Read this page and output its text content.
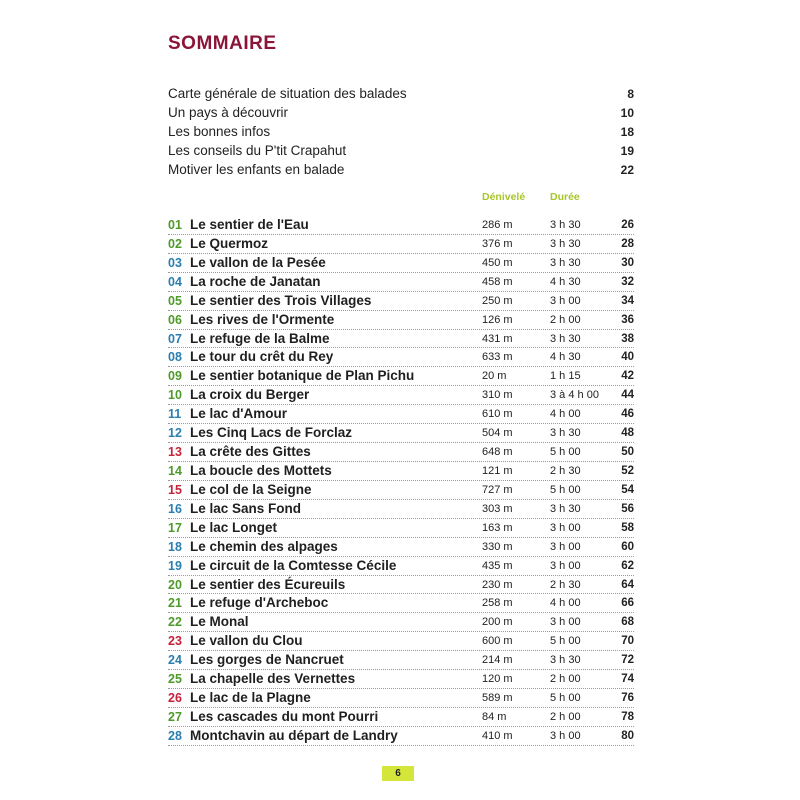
SOMMAIRE
Carte générale de situation des balades	8
Un pays à découvrir	10
Les bonnes infos	18
Les conseils du P'tit Crapahut	19
Motiver les enfants en balade	22
Dénivelé Durée
01 Le sentier de l'Eau	286 m	3 h 30	26
02 Le Quermoz	376 m	3 h 30	28
03 Le vallon de la Pesée	450 m	3 h 30	30
04 La roche de Janatan	458 m	4 h 30	32
05 Le sentier des Trois Villages	250 m	3 h 00	34
06 Les rives de l'Ormente	126 m	2 h 00	36
07 Le refuge de la Balme	431 m	3 h 30	38
08 Le tour du crêt du Rey	633 m	4 h 30	40
09 Le sentier botanique de Plan Pichu	20 m	1 h 15	42
10 La croix du Berger	310 m	3 à 4 h 00	44
11 Le lac d'Amour	610 m	4 h 00	46
12 Les Cinq Lacs de Forclaz	504 m	3 h 30	48
13 La crête des Gittes	648 m	5 h 00	50
14 La boucle des Mottets	121 m	2 h 30	52
15 Le col de la Seigne	727 m	5 h 00	54
16 Le lac Sans Fond	303 m	3 h 30	56
17 Le lac Longet	163 m	3 h 00	58
18 Le chemin des alpages	330 m	3 h 00	60
19 Le circuit de la Comtesse Cécile	435 m	3 h 00	62
20 Le sentier des Écureuils	230 m	2 h 30	64
21 Le refuge d'Archeboc	258 m	4 h 00	66
22 Le Monal	200 m	3 h 00	68
23 Le vallon du Clou	600 m	5 h 00	70
24 Les gorges de Nancruet	214 m	3 h 30	72
25 La chapelle des Vernettes	120 m	2 h 00	74
26 Le lac de la Plagne	589 m	5 h 00	76
27 Les cascades du mont Pourri	84 m	2 h 00	78
28 Montchavin au départ de Landry	410 m	3 h 00	80
6
